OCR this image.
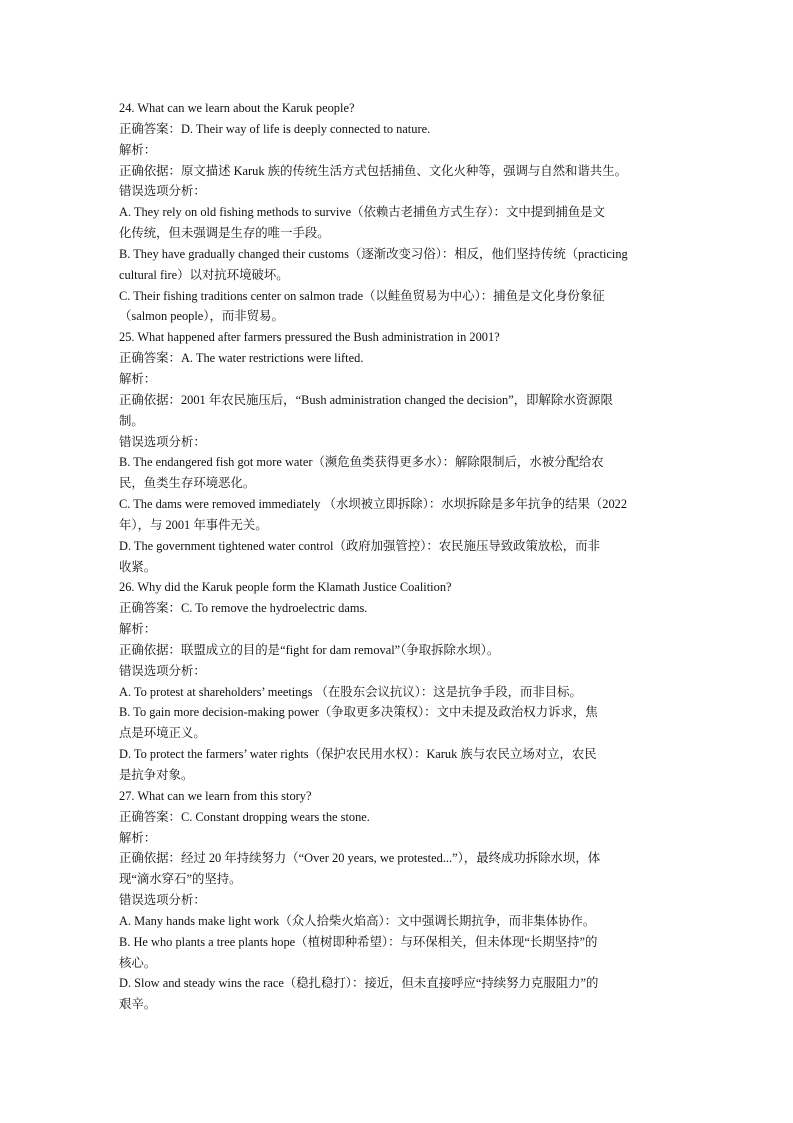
24. What can we learn about the Karuk people?

正确答案：D. Their way of life is deeply connected to nature.

解析：

正确依据：原文描述 Karuk 族的传统生活方式包括捕鱼、文化火种等，强调与自然和谐共生。

错误选项分析：

A. They rely on old fishing methods to survive（依赖古老捕鱼方式生存）：文中提到捕鱼是文

化传统，但未强调是生存的唯一手段。

B. They have gradually changed their customs（逐渐改变习俗）：相反，他们坚持传统（practicing

cultural fire）以对抗环境破坏。

C. Their fishing traditions center on salmon trade（以鲑鱼贸易为中心）：捕鱼是文化身份象征

（salmon people），而非贸易。

25. What happened after farmers pressured the Bush administration in 2001?

正确答案：A. The water restrictions were lifted.

解析：

正确依据：2001 年农民施压后，“Bush administration changed the decision”，即解除水资源限

制。

错误选项分析：

B. The endangered fish got more water（濒危鱼类获得更多水）：解除限制后，水被分配给农

民，鱼类生存环境恶化。

C. The dams were removed immediately （水坝被立即拆除）：水坝拆除是多年抗争的结果（2022

年），与 2001 年事件无关。

D. The government tightened water control（政府加强管控）：农民施压导致政策放松，而非

收紧。

26. Why did the Karuk people form the Klamath Justice Coalition?

正确答案：C. To remove the hydroelectric dams.

解析：

正确依据：联盟成立的目的是“fight for dam removal”（争取拆除水坝）。

错误选项分析：

A. To protest at shareholders’ meetings （在股东会议抗议）：这是抗争手段，而非目标。

B. To gain more decision-making power（争取更多决策权）：文中未提及政治权力诉求，焦

点是环境正义。

D. To protect the farmers’ water rights（保护农民用水权）：Karuk 族与农民立场对立，农民

是抗争对象。

27. What can we learn from this story?

正确答案：C. Constant dropping wears the stone.

解析：

正确依据：经过 20 年持续努力（“Over 20 years, we protested...”），最终成功拆除水坝，体

现“滴水穿石”的坚持。

错误选项分析：

A. Many hands make light work（众人拾柴火焰高）：文中强调长期抗争，而非集体协作。

B. He who plants a tree plants hope（植树即种希望）：与环保相关，但未体现“长期坚持”的

核心。

D. Slow and steady wins the race（稳扎稳打）：接近，但未直接呼应“持续努力克服阻力”的

艰辛。
